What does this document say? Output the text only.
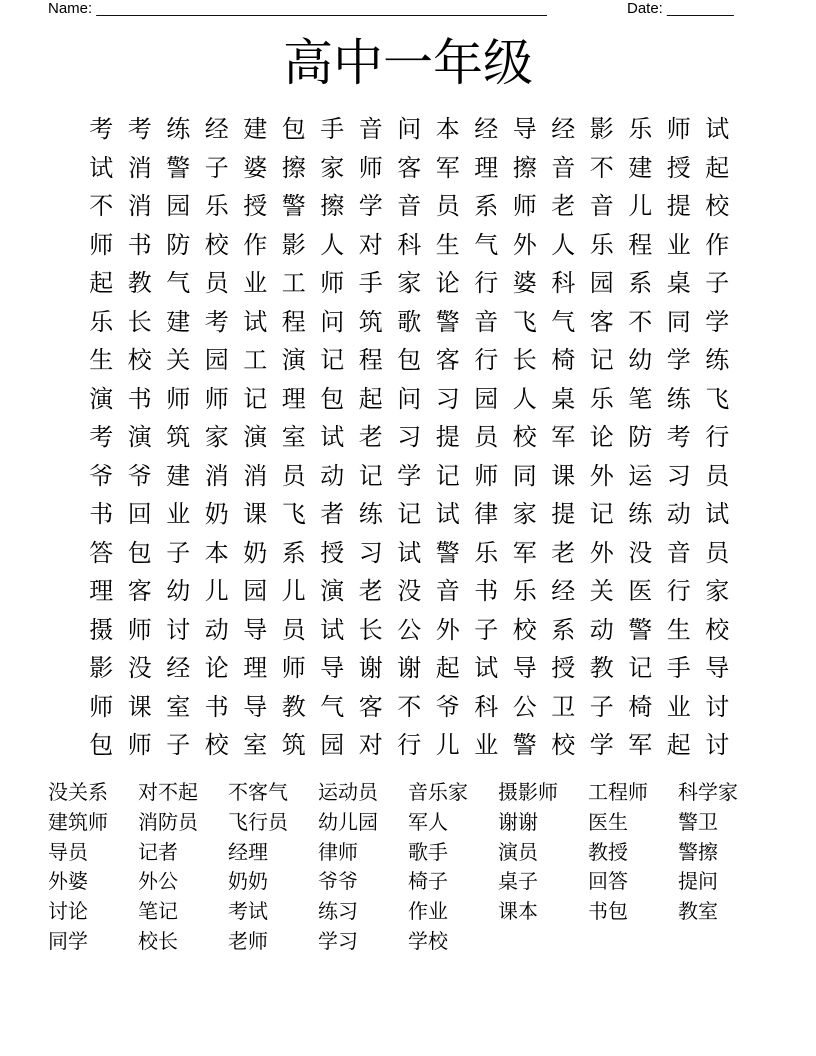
Name: ______________________________________________________	Date: ________
高中一年级
考 考 练 经 建 包 手 音 问 本 经 导 经 影 乐 师 试
试 消 警 子 婆 擦 家 师 客 军 理 擦 音 不 建 授 起
不 消 园 乐 授 警 擦 学 音 员 系 师 老 音 儿 提 校
师 书 防 校 作 影 人 对 科 生 气 外 人 乐 程 业 作
起 教 气 员 业 工 师 手 家 论 行 婆 科 园 系 桌 子
乐 长 建 考 试 程 问 筑 歌 警 音 飞 气 客 不 同 学
生 校 关 园 工 演 记 程 包 客 行 长 椅 记 幼 学 练
演 书 师 师 记 理 包 起 问 习 园 人 桌 乐 笔 练 飞
考 演 筑 家 演 室 试 老 习 提 员 校 军 论 防 考 行
爷 爷 建 消 消 员 动 记 学 记 师 同 课 外 运 习 员
书 回 业 奶 课 飞 者 练 记 试 律 家 提 记 练 动 试
答 包 子 本 奶 系 授 习 试 警 乐 军 老 外 没 音 员
理 客 幼 儿 园 儿 演 老 没 音 书 乐 经 关 医 行 家
摄 师 讨 动 导 员 试 长 公 外 子 校 系 动 警 生 校
影 没 经 论 理 师 导 谢 谢 起 试 导 授 教 记 手 导
师 课 室 书 导 教 气 客 不 爷 科 公 卫 子 椅 业 讨
包 师 子 校 室 筑 园 对 行 儿 业 警 校 学 军 起 讨
没关系	对不起	不客气	运动员	音乐家	摄影师	工程师	科学家
建筑师	消防员	飞行员	幼儿园	军人	谢谢	医生	警卫
导员	记者	经理	律师	歌手	演员	教授	警擦
外婆	外公	奶奶	爷爷	椅子	桌子	回答	提问
讨论	笔记	考试	练习	作业	课本	书包	教室
同学	校长	老师	学习	学校
